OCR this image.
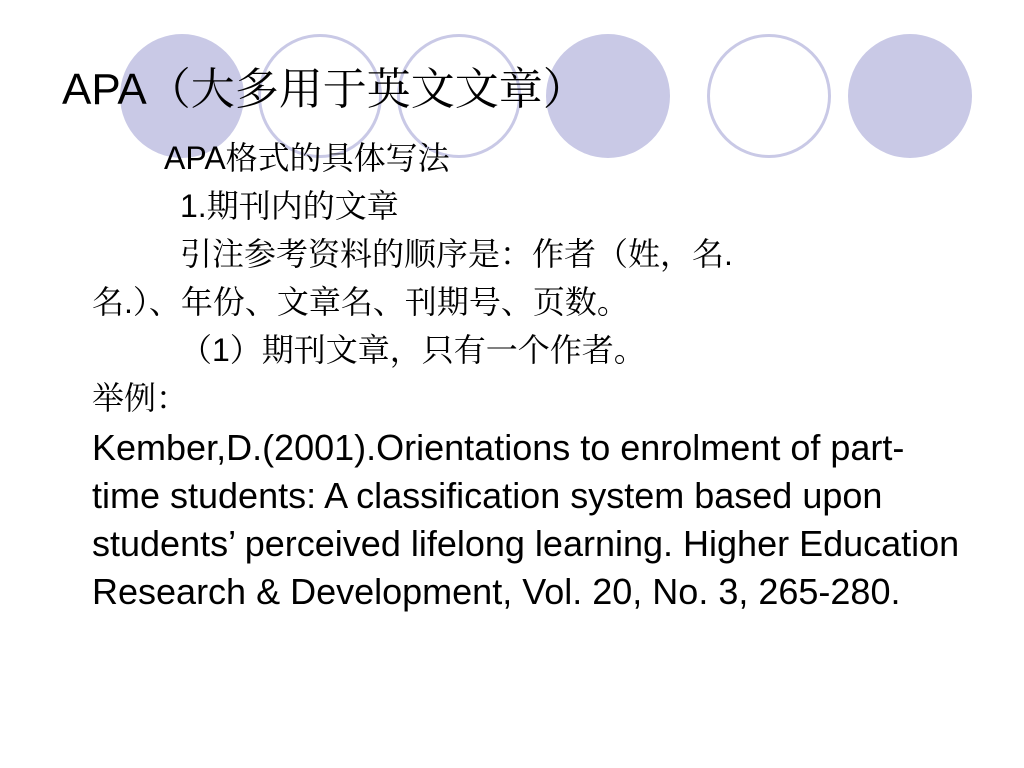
APA（大多用于英文文章）
APA格式的具体写法
1.期刊内的文章
引注参考资料的顺序是：作者（姓，名.
名.）、年份、文章名、刊期号、页数。
（1）期刊文章，只有一个作者。
举例：
Kember,D.(2001).Orientations to enrolment of part-time students: A classification system based upon students’ perceived lifelong learning. Higher Education Research & Development, Vol. 20, No. 3, 265-280.
